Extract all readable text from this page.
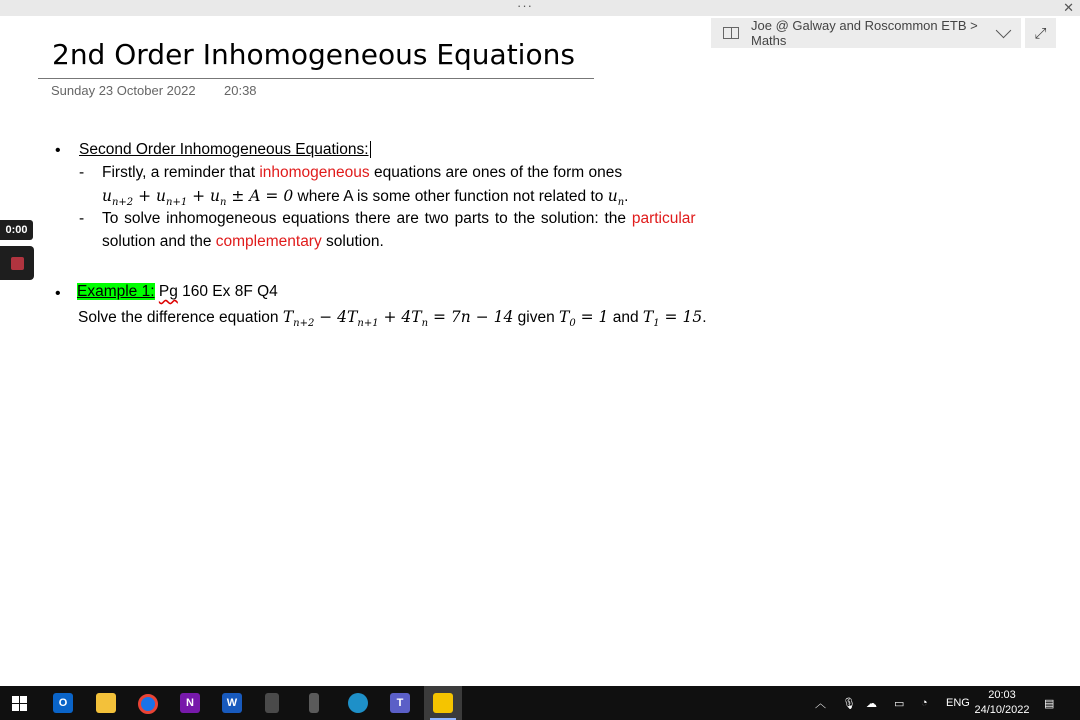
···	✕
Joe @ Galway and Roscommon ETB > Maths	⤢
2nd Order Inhomogeneous Equations
Sunday 23 October 2022 20:38
0:00
• Second Order Inhomogeneous Equations:
- Firstly, a reminder that inhomogeneous equations are ones of the form ones
$u_{n+2} + u_{n+1} + u_n \pm A = 0$ where A is some other function not related to $u_n$.
- To solve inhomogeneous equations there are two parts to the solution: the particular
solution and the complementary solution.
• Example 1: Pg 160 Ex 8F Q4
Solve the difference equation $T_{n+2} - 4T_{n+1} + 4T_n = 7n - 14$ given $T_0 = 1$ and $T_1 = 15$.
O	N	W	T	︿ 🎙 ☁ ▭ ◔ ENG
20:03
24/10/2022
▤
